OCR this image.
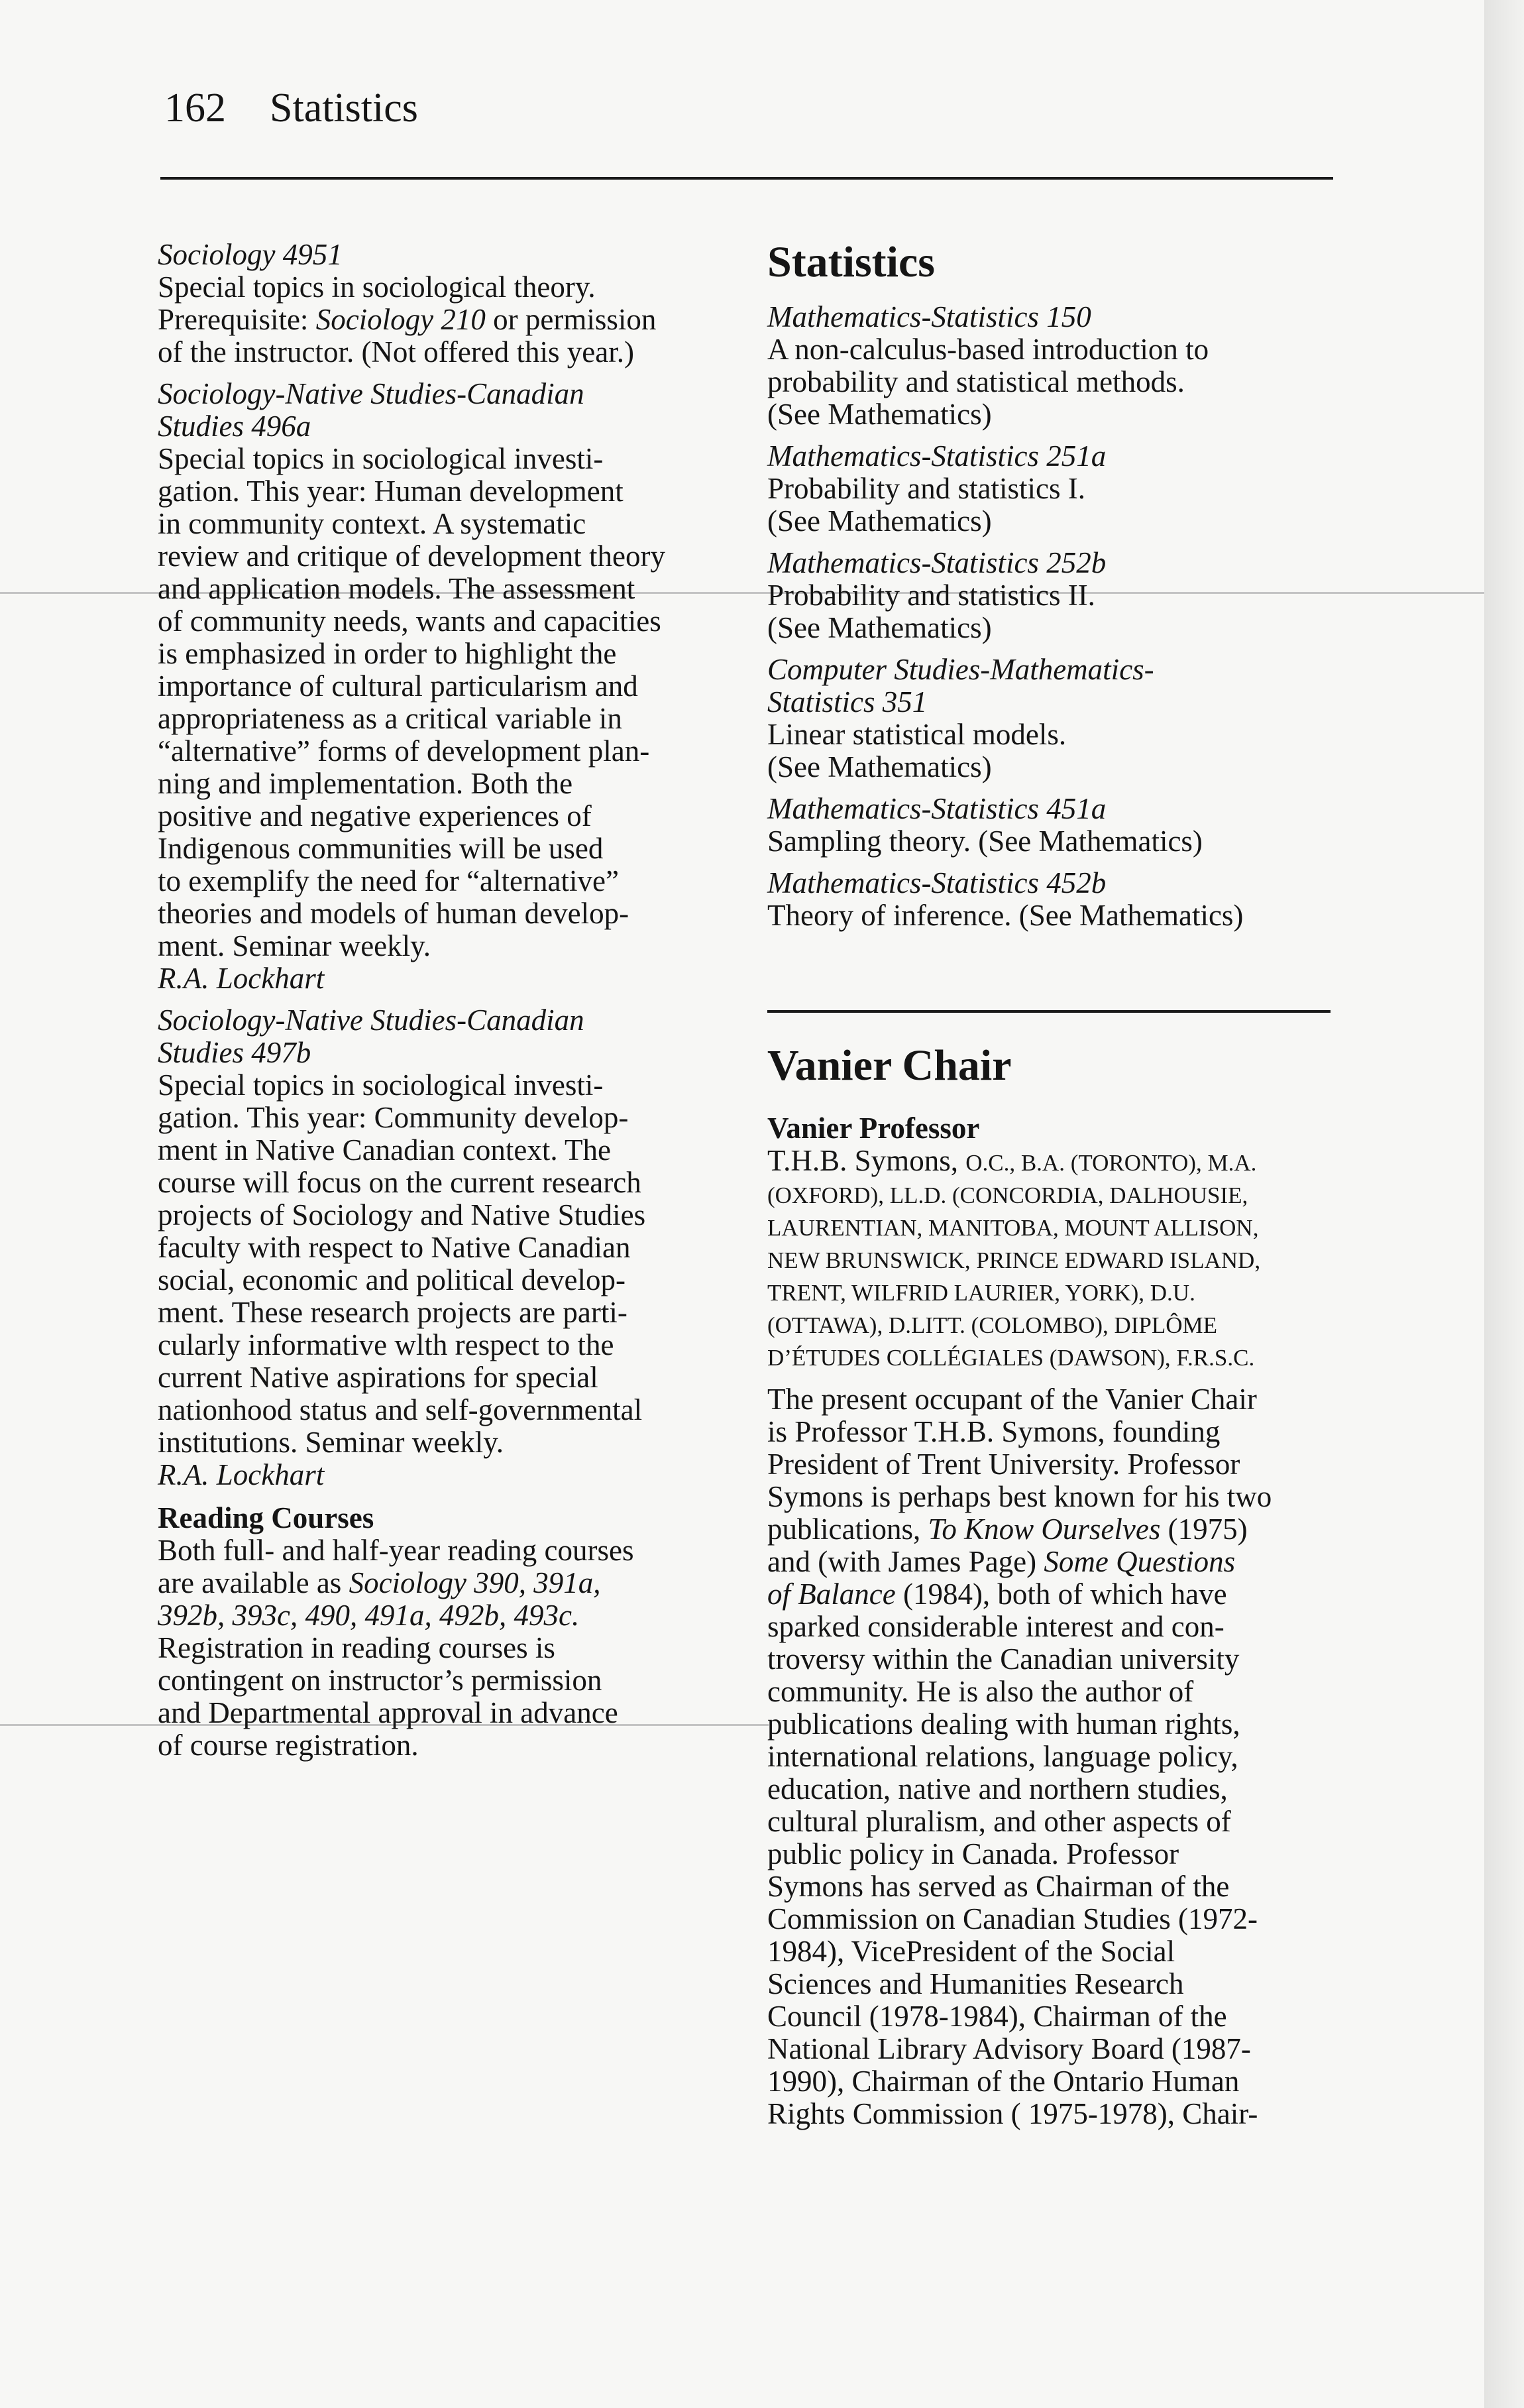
162 Statistics

Sociology 4951
Special topics in sociological theory.
Prerequisite: Sociology 210 or permission
of the instructor. (Not offered this year.)

Sociology-Native Studies-Canadian
Studies 496a
Special topics in sociological investi-
gation. This year: Human development
in community context. A systematic
review and critique of development theory
and application models. The assessment
of community needs, wants and capacities
is emphasized in order to highlight the
importance of cultural particularism and
appropriateness as a critical variable in
“alternative” forms of development plan-
ning and implementation. Both the
positive and negative experiences of
Indigenous communities will be used
to exemplify the need for “alternative”
theories and models of human develop-
ment. Seminar weekly.
R.A. Lockhart

Sociology-Native Studies-Canadian
Studies 497b
Special topics in sociological investi-
gation. This year: Community develop-
ment in Native Canadian context. The
course will focus on the current research
projects of Sociology and Native Studies
faculty with respect to Native Canadian
social, economic and political develop-
ment. These research projects are parti-
cularly informative wlth respect to the
current Native aspirations for special
nationhood status and self-governmental
institutions. Seminar weekly.
R.A. Lockhart

Reading Courses
Both full- and half-year reading courses
are available as Sociology 390, 391a,
392b, 393c, 490, 491a, 492b, 493c.
Registration in reading courses is
contingent on instructor’s permission
and Departmental approval in advance
of course registration.

Statistics

Mathematics-Statistics 150
A non-calculus-based introduction to
probability and statistical methods.
(See Mathematics)

Mathematics-Statistics 251a
Probability and statistics I.
(See Mathematics)

Mathematics-Statistics 252b
Probability and statistics II.
(See Mathematics)

Computer Studies-Mathematics-
Statistics 351
Linear statistical models.
(See Mathematics)

Mathematics-Statistics 451a
Sampling theory. (See Mathematics)

Mathematics-Statistics 452b
Theory of inference. (See Mathematics)

Vanier Chair

Vanier Professor
T.H.B. Symons, O.C., B.A. (TORONTO), M.A.
(OXFORD), LL.D. (CONCORDIA, DALHOUSIE,
LAURENTIAN, MANITOBA, MOUNT ALLISON,
NEW BRUNSWICK, PRINCE EDWARD ISLAND,
TRENT, WILFRID LAURIER, YORK), D.U.
(OTTAWA), D.LITT. (COLOMBO), DIPLÔME
D’ÉTUDES COLLÉGIALES (DAWSON), F.R.S.C.

The present occupant of the Vanier Chair
is Professor T.H.B. Symons, founding
President of Trent University. Professor
Symons is perhaps best known for his two
publications, To Know Ourselves (1975)
and (with James Page) Some Questions
of Balance (1984), both of which have
sparked considerable interest and con-
troversy within the Canadian university
community. He is also the author of
publications dealing with human rights,
international relations, language policy,
education, native and northern studies,
cultural pluralism, and other aspects of
public policy in Canada. Professor
Symons has served as Chairman of the
Commission on Canadian Studies (1972-
1984), VicePresident of the Social
Sciences and Humanities Research
Council (1978-1984), Chairman of the
National Library Advisory Board (1987-
1990), Chairman of the Ontario Human
Rights Commission ( 1975-1978), Chair-
